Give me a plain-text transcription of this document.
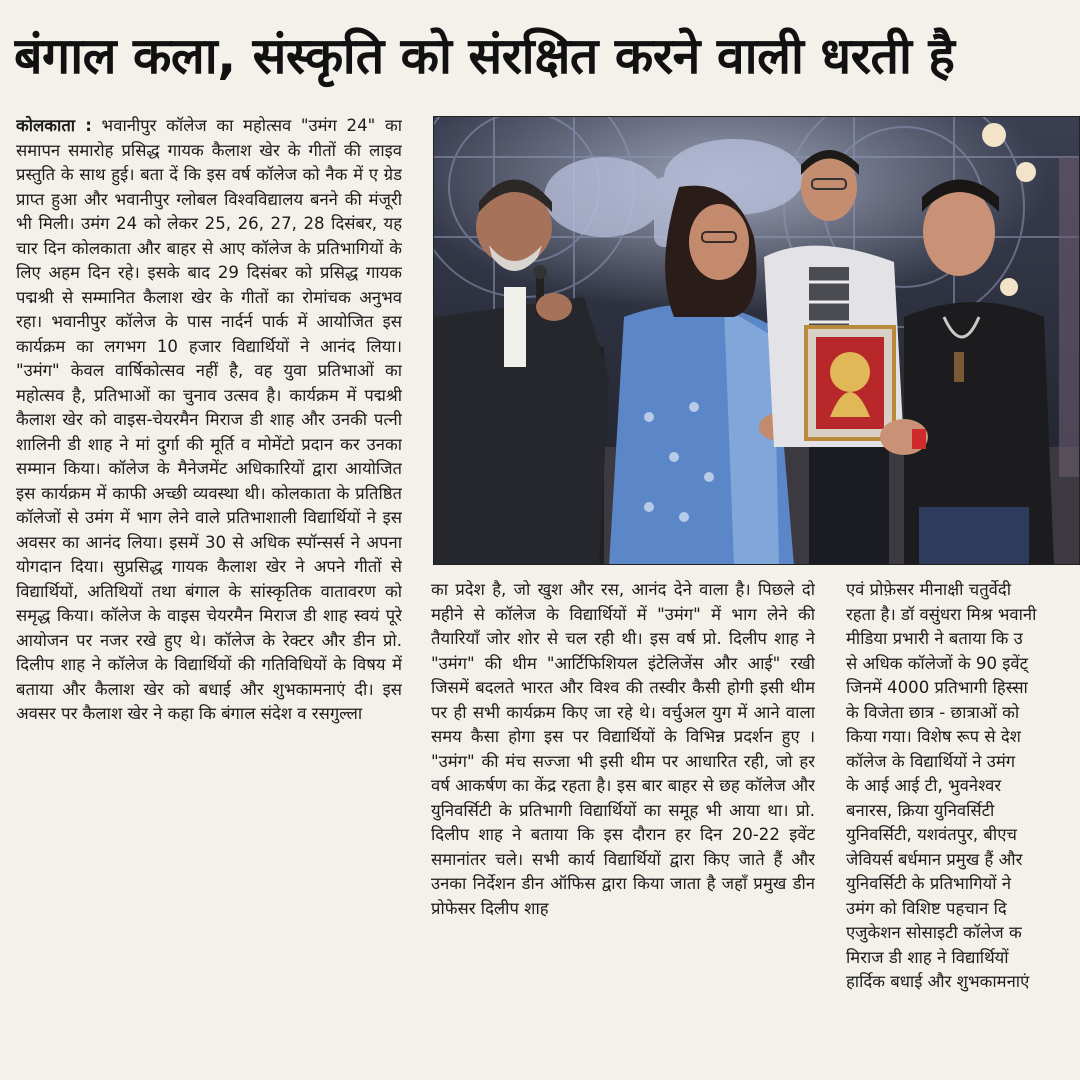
बंगाल कला, संस्कृति को संरक्षित करने वाली धरती है

कोलकाता : भवानीपुर कॉलेज का महोत्सव "उमंग 24" का समापन समारोह प्रसिद्ध गायक कैलाश खेर के गीतों की लाइव प्रस्तुति के साथ हुई। बता दें कि इस वर्ष कॉलेज को नैक में ए ग्रेड प्राप्त हुआ और भवानीपुर ग्लोबल विश्वविद्यालय बनने की मंजूरी भी मिली। उमंग 24 को लेकर 25, 26, 27, 28 दिसंबर, यह चार दिन कोलकाता और बाहर से आए कॉलेज के प्रतिभागियों के लिए अहम दिन रहे। इसके बाद 29 दिसंबर को प्रसिद्ध गायक पद्मश्री से सम्मानित कैलाश खेर के गीतों का रोमांचक अनुभव रहा। भवानीपुर कॉलेज के पास नार्दर्न पार्क में आयोजित इस कार्यक्रम का लगभग 10 हजार विद्यार्थियों ने आनंद लिया। "उमंग" केवल वार्षिकोत्सव नहीं है, वह युवा प्रतिभाओं का महोत्सव है, प्रतिभाओं का चुनाव उत्सव है। कार्यक्रम में पद्मश्री कैलाश खेर को वाइस-चेयरमैन मिराज डी शाह और उनकी पत्नी शालिनी डी शाह ने मां दुर्गा की मूर्ति व मोमेंटो प्रदान कर उनका सम्मान किया। कॉलेज के मैनेजमेंट अधिकारियों द्वारा आयोजित इस कार्यक्रम में काफी अच्छी व्यवस्था थी। कोलकाता के प्रतिष्ठित कॉलेजों से उमंग में भाग लेने वाले प्रतिभाशाली विद्यार्थियों ने इस अवसर का आनंद लिया। इसमें 30 से अधिक स्पॉन्सर्स ने अपना योगदान दिया। सुप्रसिद्ध गायक कैलाश खेर ने अपने गीतों से विद्यार्थियों, अतिथियों तथा बंगाल के सांस्कृतिक वातावरण को समृद्ध किया। कॉलेज के वाइस चेयरमैन मिराज डी शाह स्वयं पूरे आयोजन पर नजर रखे हुए थे। कॉलेज के रेक्टर और डीन प्रो. दिलीप शाह ने कॉलेज के विद्यार्थियों की गतिविधियों के विषय में बताया और कैलाश खेर को बधाई और शुभकामनाएं दी। इस अवसर पर कैलाश खेर ने कहा कि बंगाल संदेश व रसगुल्ला

का प्रदेश है, जो खुश और रस, आनंद देने वाला है। पिछले दो महीने से कॉलेज के विद्यार्थियों में "उमंग" में भाग लेने की तैयारियाँ जोर शोर से चल रही थी। इस वर्ष प्रो. दिलीप शाह ने "उमंग" की थीम "आर्टिफिशियल इंटेलिजेंस और आई" रखी जिसमें बदलते भारत और विश्व की तस्वीर कैसी होगी इसी थीम पर ही सभी कार्यक्रम किए जा रहे थे। वर्चुअल युग में आने वाला समय कैसा होगा इस पर विद्यार्थियों के विभिन्न प्रदर्शन हुए । "उमंग" की मंच सज्जा भी इसी थीम पर आधारित रही, जो हर वर्ष आकर्षण का केंद्र रहता है। इस बार बाहर से छह कॉलेज और युनिवर्सिटी के प्रतिभागी विद्यार्थियों का समूह भी आया था। प्रो. दिलीप शाह ने बताया कि इस दौरान हर दिन 20-22 इवेंट समानांतर चले। सभी कार्य विद्यार्थियों द्वारा किए जाते हैं और उनका निर्देशन डीन ऑफिस द्वारा किया जाता है जहाँ प्रमुख डीन प्रोफेसर दिलीप शाह

एवं प्रोफ़ेसर मीनाक्षी चतुर्वेदी
रहता है। डॉ वसुंधरा मिश्र भवानी
मीडिया प्रभारी ने बताया कि उ
से अधिक कॉलेजों के 90 इवेंट्
जिनमें 4000 प्रतिभागी हिस्सा
के विजेता छात्र - छात्राओं को
किया गया। विशेष रूप से देश
कॉलेज के विद्यार्थियों ने उमंग
के आई आई टी, भुवनेश्वर
बनारस, क्रिया युनिवर्सिटी
युनिवर्सिटी, यशवंतपुर, बीएच
जेवियर्स बर्धमान प्रमुख हैं और
युनिवर्सिटी के प्रतिभागियों ने
उमंग को विशिष्ट पहचान दि
एजुकेशन सोसाइटी कॉलेज क
मिराज डी शाह ने विद्यार्थियों
हार्दिक बधाई और शुभकामनाएं
